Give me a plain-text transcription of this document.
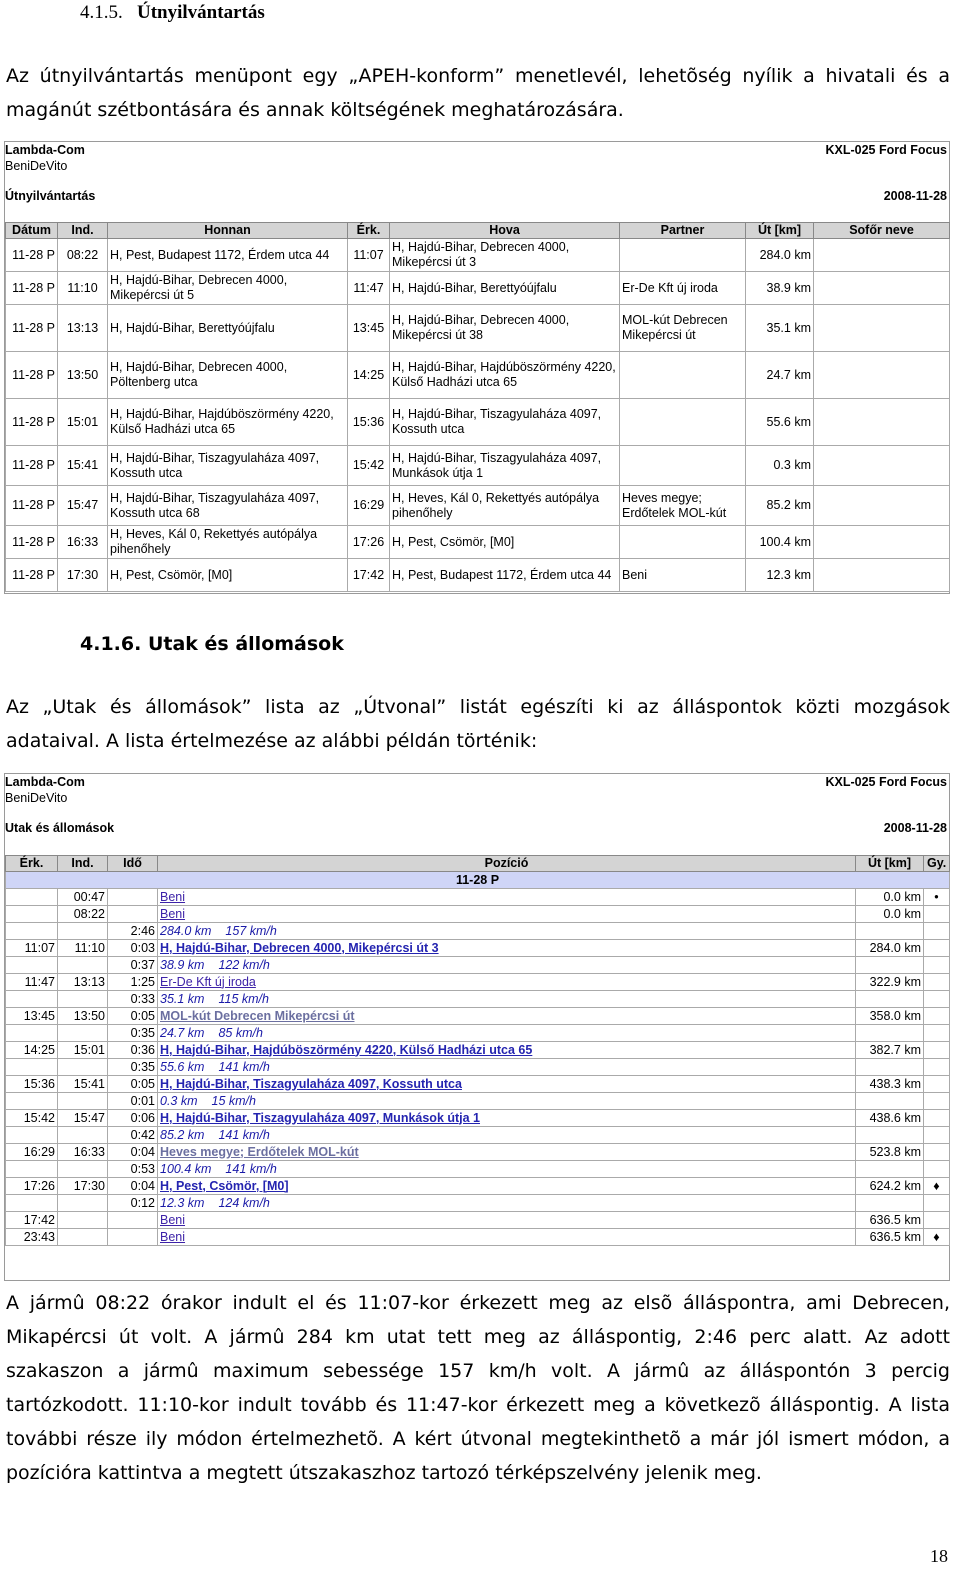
4.1.5. Útnyilvántartás
Az útnyilvántartás menüpont egy „APEH-konform” menetlevél, lehetõség nyílik a hivatali és a magánút szétbontására és annak költségének meghatározására.
Lambda-Com
BeniDeVito
KXL-025 Ford Focus
Útnyilvántartás	2008-11-28
Dátum	Ind.	Honnan	Érk.	Hova	Partner	Út [km]	Sofőr neve
11-28 P	08:22	H, Pest, Budapest 1172, Érdem utca 44	11:07	H, Hajdú-Bihar, Debrecen 4000, Mikepércsi út 3		284.0 km	
11-28 P	11:10	H, Hajdú-Bihar, Debrecen 4000, Mikepércsi út 5	11:47	H, Hajdú-Bihar, Berettyóújfalu	Er-De Kft új iroda	38.9 km	
11-28 P	13:13	H, Hajdú-Bihar, Berettyóújfalu	13:45	H, Hajdú-Bihar, Debrecen 4000, Mikepércsi út 38	MOL-kút Debrecen Mikepércsi út	35.1 km	
11-28 P	13:50	H, Hajdú-Bihar, Debrecen 4000, Pöltenberg utca	14:25	H, Hajdú-Bihar, Hajdúböszörmény 4220, Külső Hadházi utca 65		24.7 km	
11-28 P	15:01	H, Hajdú-Bihar, Hajdúböszörmény 4220, Külső Hadházi utca 65	15:36	H, Hajdú-Bihar, Tiszagyulaháza 4097, Kossuth utca		55.6 km	
11-28 P	15:41	H, Hajdú-Bihar, Tiszagyulaháza 4097, Kossuth utca	15:42	H, Hajdú-Bihar, Tiszagyulaháza 4097, Munkások útja 1		0.3 km	
11-28 P	15:47	H, Hajdú-Bihar, Tiszagyulaháza 4097, Kossuth utca 68	16:29	H, Heves, Kál 0, Rekettyés autópálya pihenőhely	Heves megye; Erdőtelek MOL-kút	85.2 km	
11-28 P	16:33	H, Heves, Kál 0, Rekettyés autópálya pihenőhely	17:26	H, Pest, Csömör, [M0]		100.4 km	
11-28 P	17:30	H, Pest, Csömör, [M0]	17:42	H, Pest, Budapest 1172, Érdem utca 44	Beni	12.3 km	
4.1.6. Utak és állomások
Az „Utak és állomások” lista az „Útvonal” listát egészíti ki az álláspontok közti mozgások adataival. A lista értelmezése az alábbi példán történik:
Lambda-Com
BeniDeVito
KXL-025 Ford Focus
Utak és állomások	2008-11-28
Érk.	Ind.	Idő	Pozíció	Út [km]	Gy.
11-28 P					
	00:47		Beni	0.0 km	•
	08:22		Beni	0.0 km	
		2:46	284.0 km 157 km/h		
11:07	11:10	0:03	H, Hajdú-Bihar, Debrecen 4000, Mikepércsi út 3	284.0 km	
		0:37	38.9 km 122 km/h		
11:47	13:13	1:25	Er-De Kft új iroda	322.9 km	
		0:33	35.1 km 115 km/h		
13:45	13:50	0:05	MOL-kút Debrecen Mikepércsi út	358.0 km	
		0:35	24.7 km 85 km/h		
14:25	15:01	0:36	H, Hajdú-Bihar, Hajdúböszörmény 4220, Külső Hadházi utca 65	382.7 km	
		0:35	55.6 km 141 km/h		
15:36	15:41	0:05	H, Hajdú-Bihar, Tiszagyulaháza 4097, Kossuth utca	438.3 km	
		0:01	0.3 km 15 km/h		
15:42	15:47	0:06	H, Hajdú-Bihar, Tiszagyulaháza 4097, Munkások útja 1	438.6 km	
		0:42	85.2 km 141 km/h		
16:29	16:33	0:04	Heves megye; Erdőtelek MOL-kút	523.8 km	
		0:53	100.4 km 141 km/h		
17:26	17:30	0:04	H, Pest, Csömör, [M0]	624.2 km	♦
		0:12	12.3 km 124 km/h		
17:42			Beni	636.5 km	
23:43			Beni	636.5 km	♦
A jármû 08:22 órakor indult el és 11:07-kor érkezett meg az elsõ álláspontra, ami Debrecen, Mikapércsi út volt. A jármû 284 km utat tett meg az álláspontig, 2:46 perc alatt. Az adott szakaszon a jármû maximum sebessége 157 km/h volt. A jármû az álláspontón 3 percig tartózkodott. 11:10-kor indult tovább és 11:47-kor érkezett meg a következõ álláspontig. A lista további része ily módon értelmezhetõ. A kért útvonal megtekinthetõ a már jól ismert módon, a pozícióra kattintva a megtett útszakaszhoz tartozó térképszelvény jelenik meg.
18
